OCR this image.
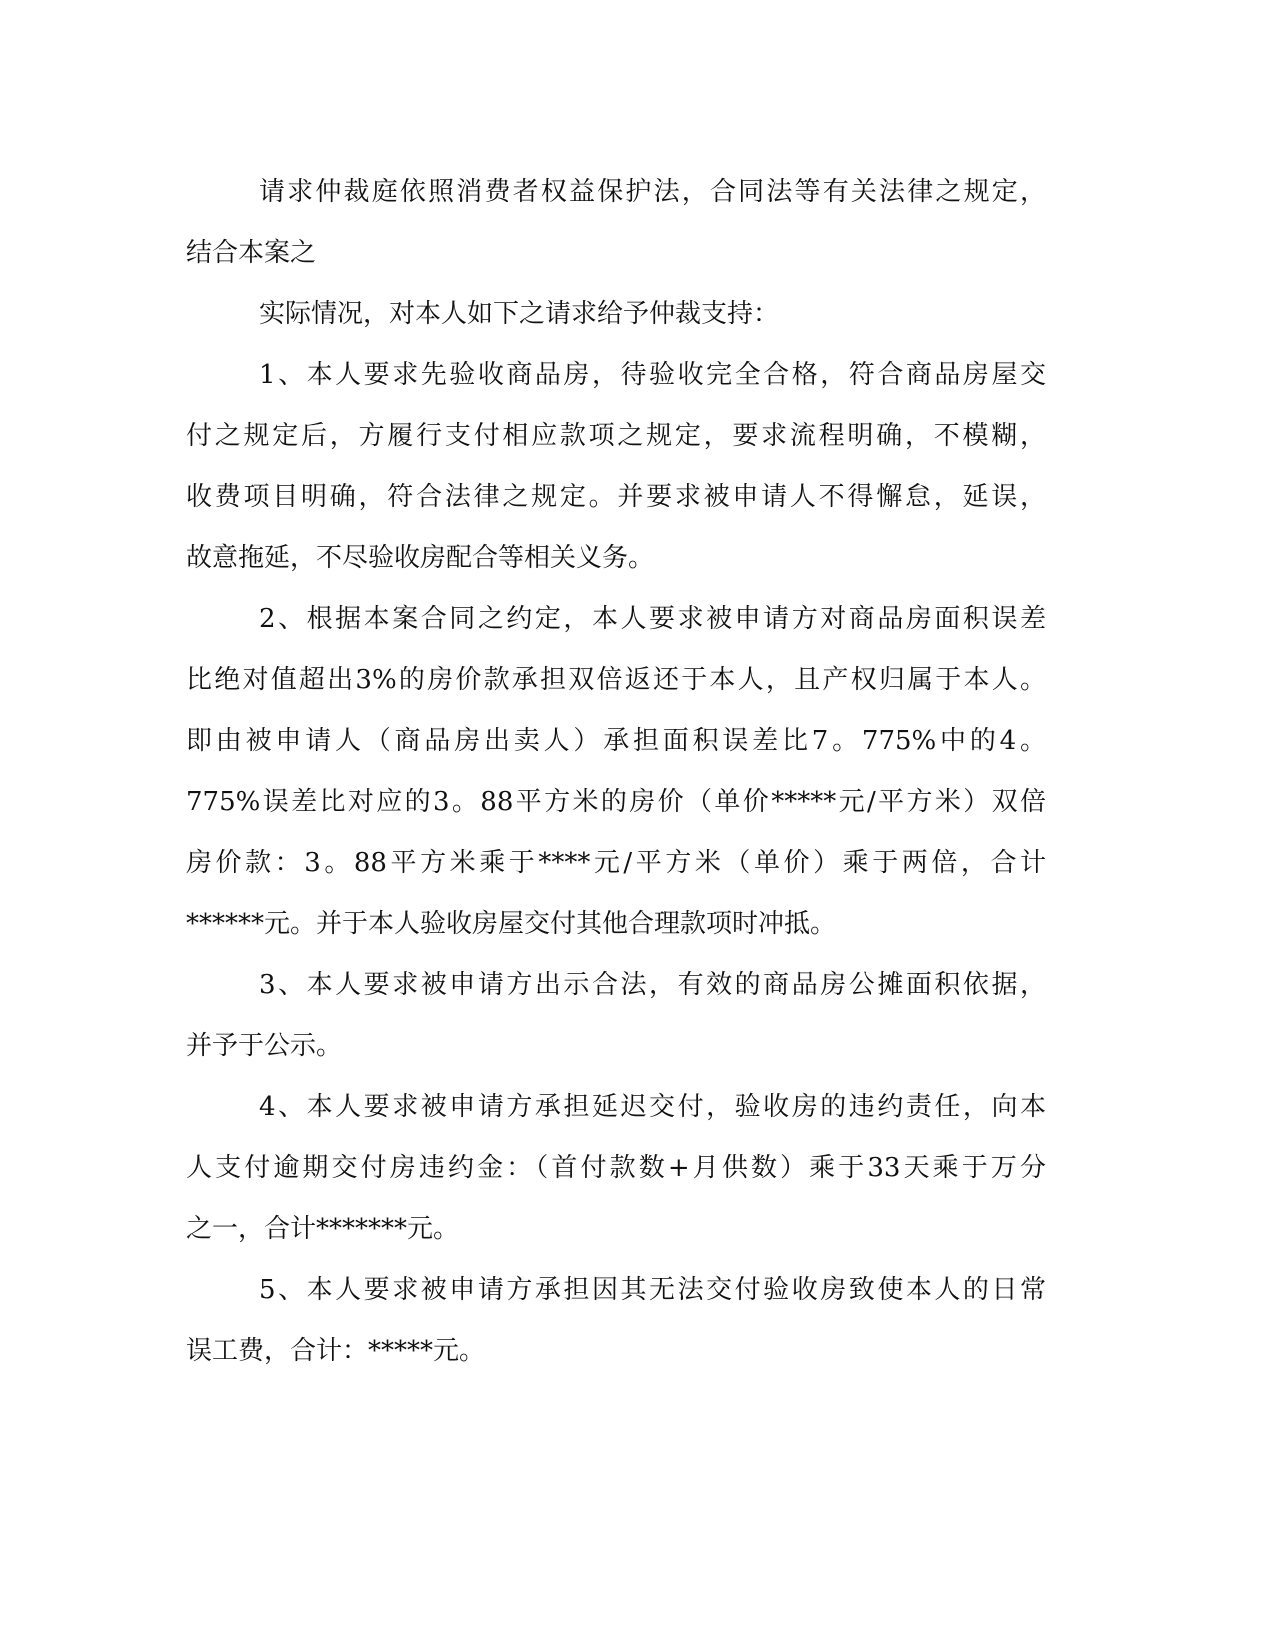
请求仲裁庭依照消费者权益保护法，合同法等有关法律之规定，
结合本案之
实际情况，对本人如下之请求给予仲裁支持：
1、本人要求先验收商品房，待验收完全合格，符合商品房屋交
付之规定后，方履行支付相应款项之规定，要求流程明确，不模糊，
收费项目明确，符合法律之规定。并要求被申请人不得懈怠，延误，
故意拖延，不尽验收房配合等相关义务。
2、根据本案合同之约定，本人要求被申请方对商品房面积误差
比绝对值超出3%的房价款承担双倍返还于本人，且产权归属于本人。
即由被申请人（商品房出卖人）承担面积误差比7。775%中的4。
775%误差比对应的3。88平方米的房价（单价*****元/平方米）双倍
房价款：3。88平方米乘于****元/平方米（单价）乘于两倍，合计
******元。并于本人验收房屋交付其他合理款项时冲抵。
3、本人要求被申请方出示合法，有效的商品房公摊面积依据，
并予于公示。
4、本人要求被申请方承担延迟交付，验收房的违约责任，向本
人支付逾期交付房违约金：（首付款数+月供数）乘于33天乘于万分
之一，合计*******元。
5、本人要求被申请方承担因其无法交付验收房致使本人的日常
误工费，合计：*****元。
